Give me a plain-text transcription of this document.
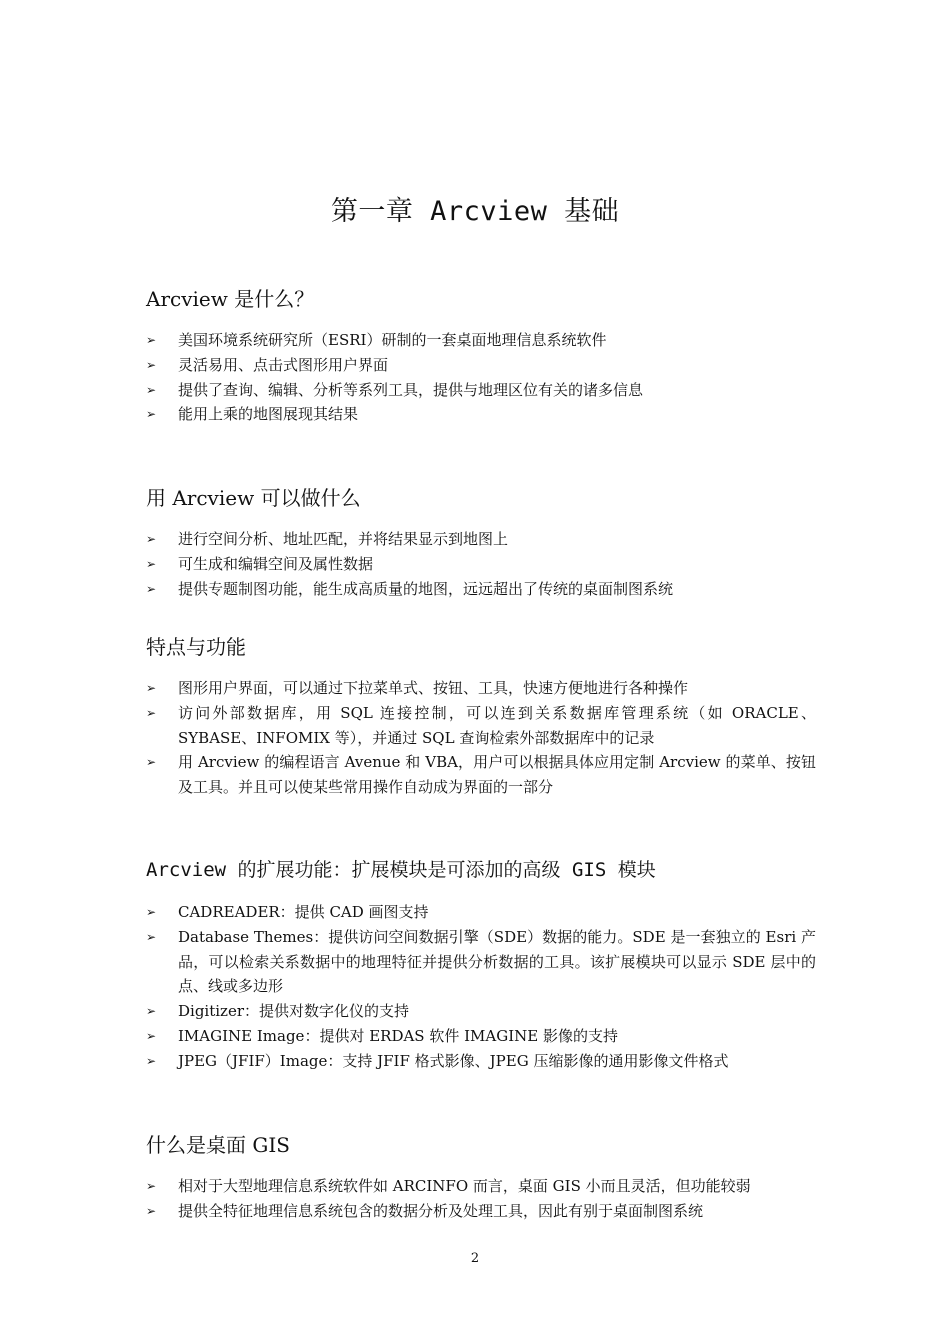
第一章 Arcview 基础
Arcview 是什么？
➢ 美国环境系统研究所（ESRI）研制的一套桌面地理信息系统软件
➢ 灵活易用、点击式图形用户界面
➢ 提供了查询、编辑、分析等系列工具，提供与地理区位有关的诸多信息
➢ 能用上乘的地图展现其结果
用 Arcview 可以做什么
➢ 进行空间分析、地址匹配，并将结果显示到地图上
➢ 可生成和编辑空间及属性数据
➢ 提供专题制图功能，能生成高质量的地图，远远超出了传统的桌面制图系统
特点与功能
➢ 图形用户界面，可以通过下拉菜单式、按钮、工具，快速方便地进行各种操作
➢ 访问外部数据库，用 SQL 连接控制，可以连到关系数据库管理系统（如 ORACLE、SYBASE、INFOMIX 等），并通过 SQL 查询检索外部数据库中的记录
➢ 用 Arcview 的编程语言 Avenue 和 VBA，用户可以根据具体应用定制 Arcview 的菜单、按钮及工具。并且可以使某些常用操作自动成为界面的一部分
Arcview 的扩展功能：扩展模块是可添加的高级 GIS 模块
➢ CADREADER：提供 CAD 画图支持
➢ Database Themes：提供访问空间数据引擎（SDE）数据的能力。SDE 是一套独立的 Esri 产品，可以检索关系数据中的地理特征并提供分析数据的工具。该扩展模块可以显示 SDE 层中的点、线或多边形
➢ Digitizer：提供对数字化仪的支持
➢ IMAGINE Image：提供对 ERDAS 软件 IMAGINE 影像的支持
➢ JPEG（JFIF）Image：支持 JFIF 格式影像、JPEG 压缩影像的通用影像文件格式
什么是桌面 GIS
➢ 相对于大型地理信息系统软件如 ARCINFO 而言，桌面 GIS 小而且灵活，但功能较弱
➢ 提供全特征地理信息系统包含的数据分析及处理工具，因此有别于桌面制图系统
2
